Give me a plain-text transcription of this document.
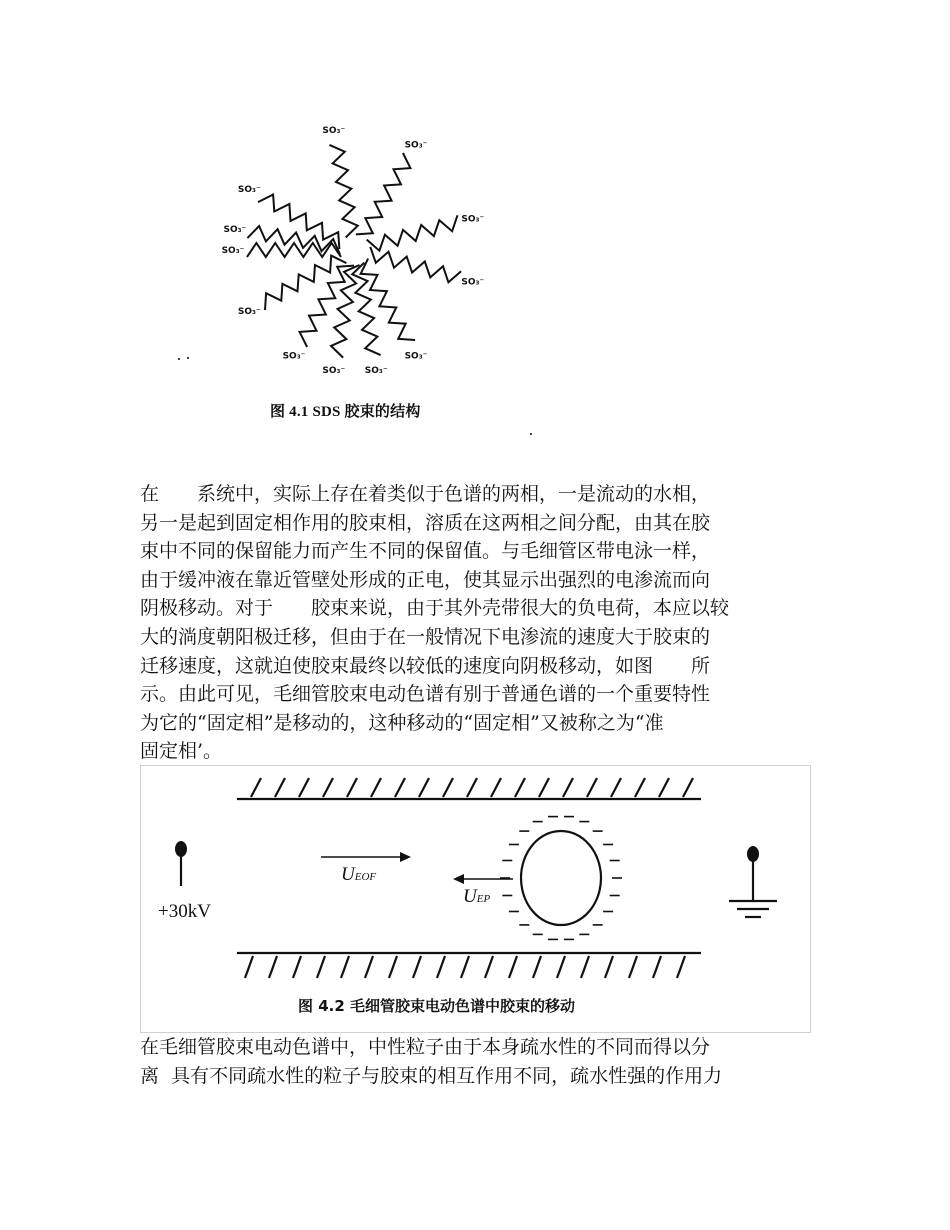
SO₃⁻
SO₃⁻
SO₃⁻
SO₃⁻
SO₃⁻
SO₃⁻
SO₃⁻
SO₃⁻
SO₃⁻ SO₃⁻
SO₃⁻
SO₃⁻
图 4.1 SDS 胶束的结构
在　　系统中，实际上存在着类似于色谱的两相，一是流动的水相，
另一是起到固定相作用的胶束相，溶质在这两相之间分配，由其在胶
束中不同的保留能力而产生不同的保留值。与毛细管区带电泳一样，
由于缓冲液在靠近管壁处形成的正电，使其显示出强烈的电渗流而向
阴极移动。对于　　胶束来说，由于其外壳带很大的负电荷，本应以较
大的淌度朝阳极迁移，但由于在一般情况下电渗流的速度大于胶束的
迁移速度，这就迫使胶束最终以较低的速度向阴极移动，如图　　所
示。由此可见，毛细管胶束电动色谱有别于普通色谱的一个重要特性
为它的“固定相”是移动的，这种移动的“固定相”又被称之为“准
固定相’。
+30kV
UEOF
UEP
图 4.2 毛细管胶束电动色谱中胶束的移动
在毛细管胶束电动色谱中，中性粒子由于本身疏水性的不同而得以分
离  具有不同疏水性的粒子与胶束的相互作用不同，疏水性强的作用力
